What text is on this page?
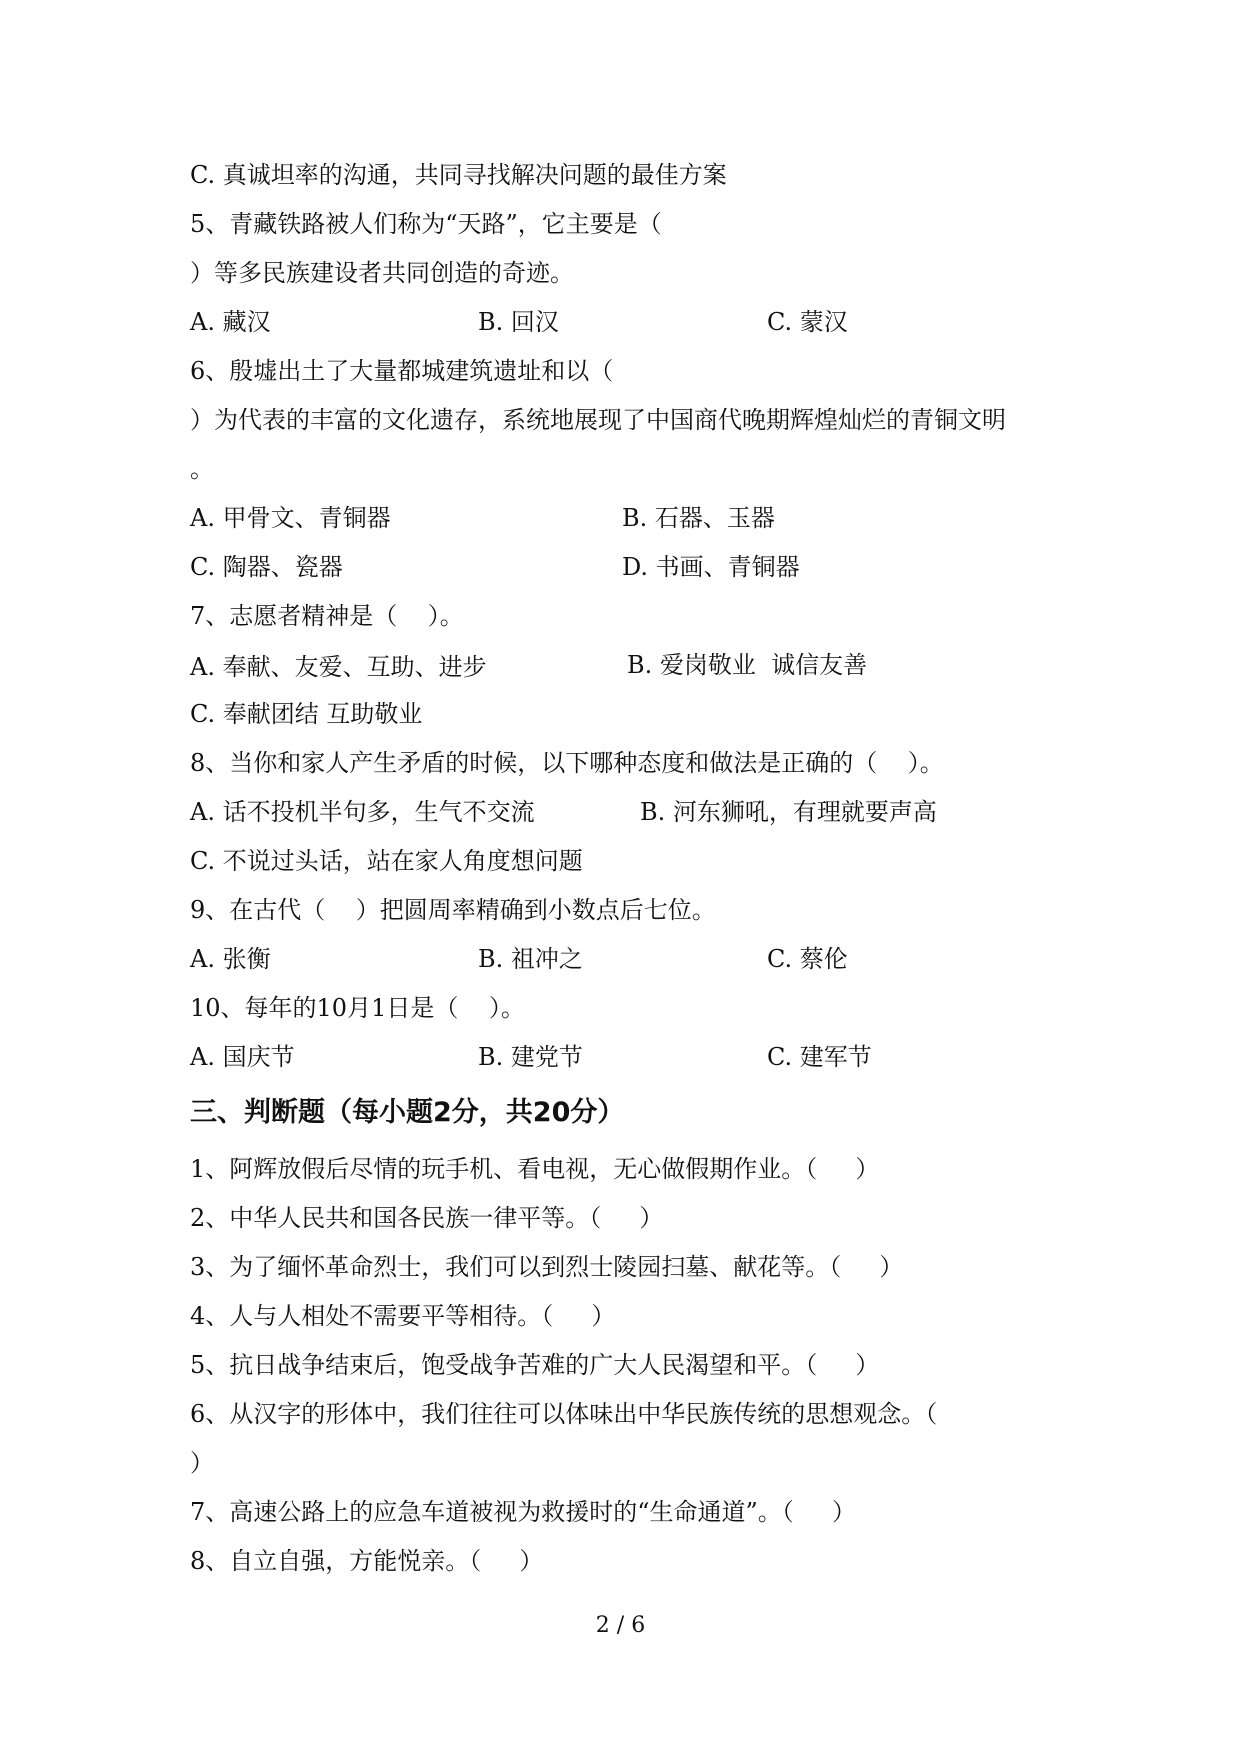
C. 真诚坦率的沟通，共同寻找解决问题的最佳方案
5、青藏铁路被人们称为“天路”，它主要是（
）等多民族建设者共同创造的奇迹。
A. 藏汉	B. 回汉	C. 蒙汉
6、殷墟出土了大量都城建筑遗址和以（
）为代表的丰富的文化遗存，系统地展现了中国商代晚期辉煌灿烂的青铜文明
。
A. 甲骨文、青铜器	B. 石器、玉器
C. 陶器、瓷器	D. 书画、青铜器
7、志愿者精神是（    ）。
A. 奉献、友爱、互助、进步	B. 爱岗敬业  诚信友善
C. 奉献团结 互助敬业
8、当你和家人产生矛盾的时候，以下哪种态度和做法是正确的（    ）。
A. 话不投机半句多，生气不交流	B. 河东狮吼，有理就要声高
C. 不说过头话，站在家人角度想问题
9、在古代（    ）把圆周率精确到小数点后七位。
A. 张衡	B. 祖冲之	C. 蔡伦
10、每年的10月1日是（    ）。
A. 国庆节	B. 建党节	C. 建军节
三、判断题（每小题2分，共20分）
1、阿辉放假后尽情的玩手机、看电视，无心做假期作业。（     ）
2、中华人民共和国各民族一律平等。（     ）
3、为了缅怀革命烈士，我们可以到烈士陵园扫墓、献花等。（     ）
4、人与人相处不需要平等相待。（     ）
5、抗日战争结束后，饱受战争苦难的广大人民渴望和平。（     ）
6、从汉字的形体中，我们往往可以体味出中华民族传统的思想观念。（
）
7、高速公路上的应急车道被视为救援时的“生命通道”。（     ）
8、自立自强，方能悦亲。（     ）
2 / 6
